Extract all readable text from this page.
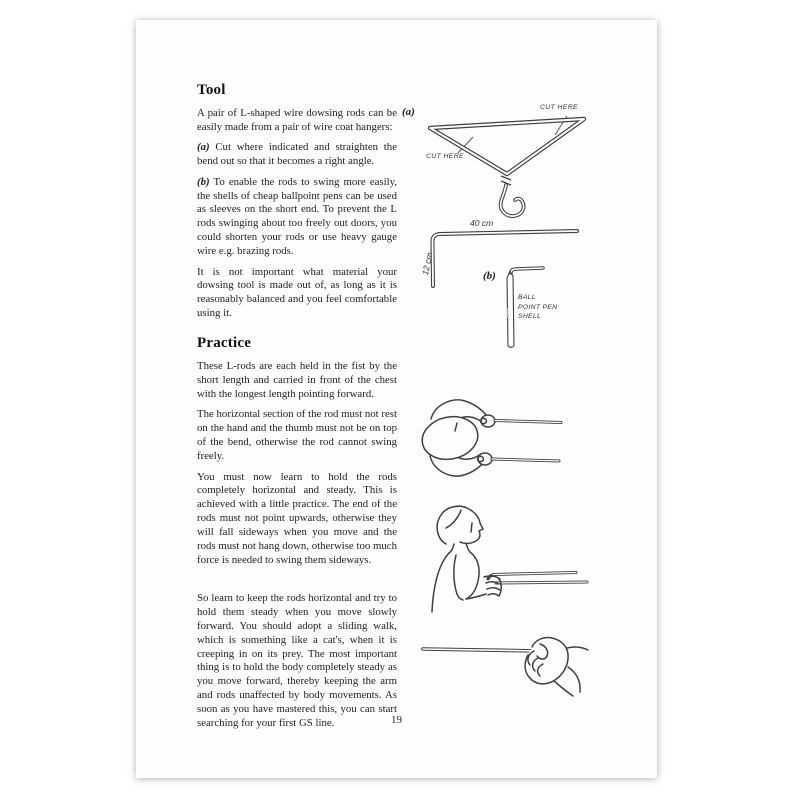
Tool

A pair of L-shaped wire dowsing rods can be easily made from a pair of wire coat hangers:

(a) Cut where indicated and straighten the bend out so that it becomes a right angle.

(b) To enable the rods to swing more easily, the shells of cheap ballpoint pens can be used as sleeves on the short end. To prevent the L rods swinging about too freely out doors, you could shorten your rods or use heavy gauge wire e.g. brazing rods.

It is not important what material your dowsing tool is made out of, as long as it is reasonably balanced and you feel comfortable using it.

Practice

These L-rods are each held in the fist by the short length and carried in front of the chest with the longest length pointing forward.

The horizontal section of the rod must not rest on the hand and the thumb must not be on top of the bend, otherwise the rod cannot swing freely.

You must now learn to hold the rods completely horizontal and steady. This is achieved with a little practice. The end of the rods must not point upwards, otherwise they will fall sideways when you move and the rods must not hang down, otherwise too much force is needed to swing them sideways.

So learn to keep the rods horizontal and try to hold them steady when you move slowly forward. You should adopt a sliding walk, which is something like a cat's, when it is creeping in on its prey. The most important thing is to hold the body completely steady as you move forward, thereby keeping the arm and rods unaffected by body movements. As soon as you have mastered this, you can start searching for your first GS line.

(a)	CUT HERE
CUT HERE
40 cm
12 cm	(b)
BALL
POINT PEN
SHELL
19
